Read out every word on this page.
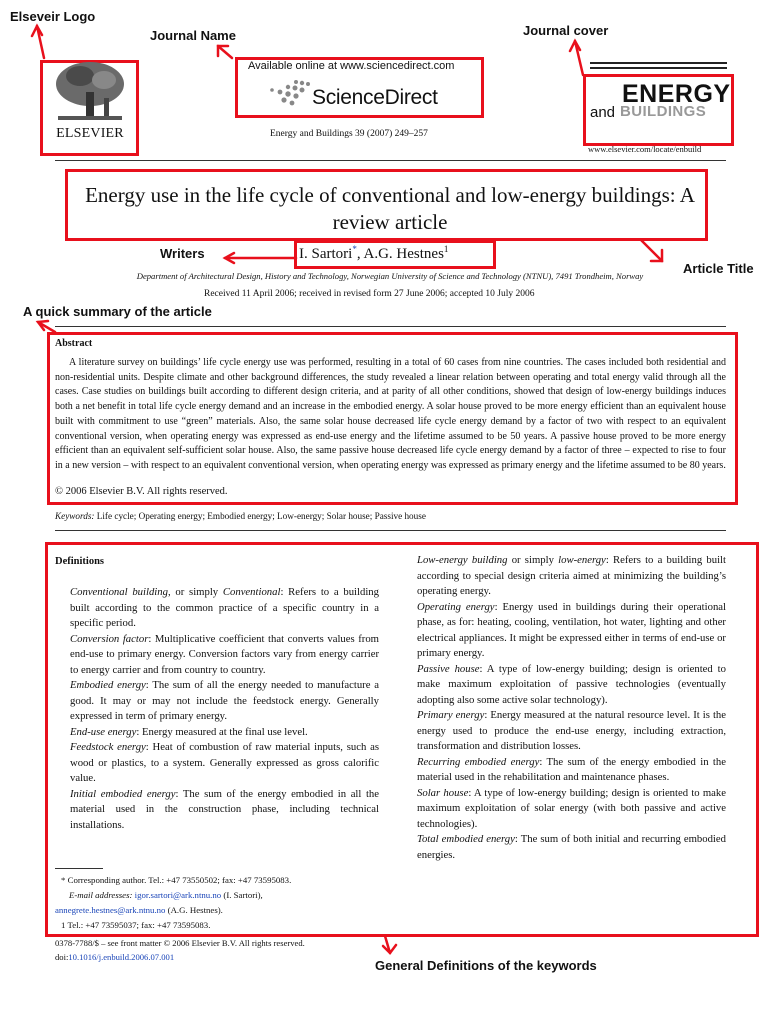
Elseveir Logo
Journal Name	Journal cover
Writers
Article Title
A quick summary of the article
General Definitions of the keywords
ELSEVIER
Available online at www.sciencedirect.com
ScienceDirect
Energy and Buildings 39 (2007) 249–257
ENERGY
and BUILDINGS
www.elsevier.com/locate/enbuild
Energy use in the life cycle of conventional and low-energy buildings: A review article
I. Sartori*, A.G. Hestnes$^1$
Department of Architectural Design, History and Technology, Norwegian University of Science and Technology (NTNU), 7491 Trondheim, Norway
Received 11 April 2006; received in revised form 27 June 2006; accepted 10 July 2006
Abstract
A literature survey on buildings’ life cycle energy use was performed, resulting in a total of 60 cases from nine countries. The cases included both residential and non-residential units. Despite climate and other background differences, the study revealed a linear relation between operating and total energy valid through all the cases. Case studies on buildings built according to different design criteria, and at parity of all other conditions, showed that design of low-energy buildings induces both a net benefit in total life cycle energy demand and an increase in the embodied energy. A solar house proved to be more energy efficient than an equivalent house built with commitment to use “green” materials. Also, the same solar house decreased life cycle energy demand by a factor of two with respect to an equivalent conventional version, when operating energy was expressed as end-use energy and the lifetime assumed to be 50 years. A passive house proved to be more energy efficient than an equivalent self-sufficient solar house. Also, the same passive house decreased life cycle energy demand by a factor of three – expected to rise to four in a new version – with respect to an equivalent conventional version, when operating energy was expressed as primary energy and the lifetime assumed to be 80 years.
© 2006 Elsevier B.V. All rights reserved.
Keywords: Life cycle; Operating energy; Embodied energy; Low-energy; Solar house; Passive house
Definitions

Conventional building, or simply Conventional: Refers to a building built according to the common practice of a specific country in a specific period.

Conversion factor: Multiplicative coefficient that converts values from end-use to primary energy. Conversion factors vary from energy carrier to energy carrier and from country to country.

Embodied energy: The sum of all the energy needed to manufacture a good. It may or may not include the feedstock energy. Generally expressed in term of primary energy.

End-use energy: Energy measured at the final use level.

Feedstock energy: Heat of combustion of raw material inputs, such as wood or plastics, to a system. Generally expressed as gross calorific value.

Initial embodied energy: The sum of the energy embodied in all the material used in the construction phase, including technical installations.

Low-energy building or simply low-energy: Refers to a building built according to special design criteria aimed at minimizing the building’s operating energy.

Operating energy: Energy used in buildings during their operational phase, as for: heating, cooling, ventilation, hot water, lighting and other electrical appliances. It might be expressed either in terms of end-use or primary energy.

Passive house: A type of low-energy building; design is oriented to make maximum exploitation of passive technologies (eventually adopting also some active solar technology).

Primary energy: Energy measured at the natural resource level. It is the energy used to produce the end-use energy, including extraction, transformation and distribution losses.

Recurring embodied energy: The sum of the energy embodied in the material used in the rehabilitation and maintenance phases.

Solar house: A type of low-energy building; design is oriented to make maximum exploitation of solar energy (with both passive and active technologies).

Total embodied energy: The sum of both initial and recurring embodied energies.

* Corresponding author. Tel.: +47 73550502; fax: +47 73595083.
E-mail addresses: igor.sartori@ark.ntnu.no (I. Sartori),
annegrete.hestnes@ark.ntnu.no (A.G. Hestnes).
1 Tel.: +47 73595037; fax: +47 73595083.
0378-7788/$ – see front matter © 2006 Elsevier B.V. All rights reserved.
doi:10.1016/j.enbuild.2006.07.001
